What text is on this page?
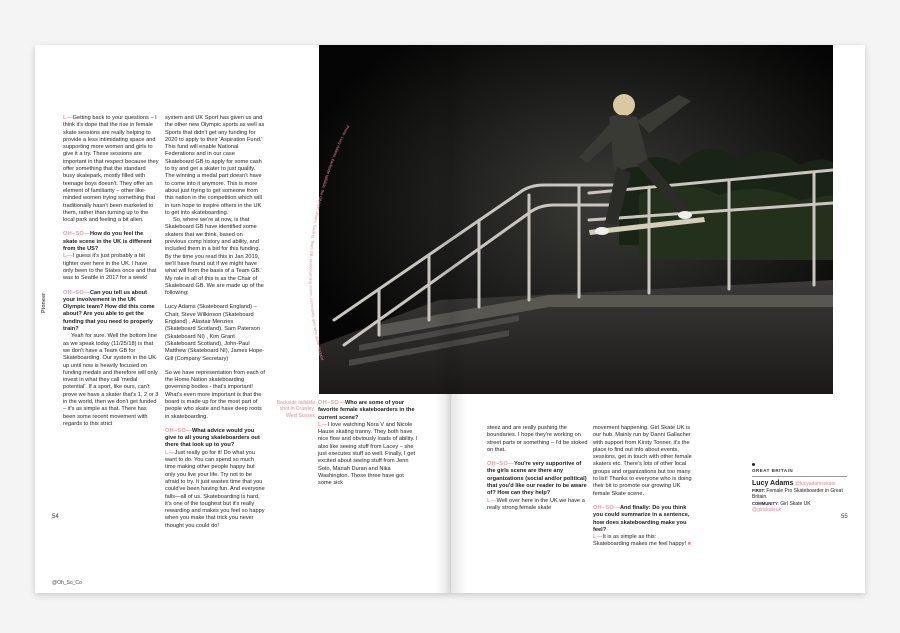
Photo: Lucy Adams, backside tailslide, the Olympic dream, funding, Team GB, skateboarding scene, community, girls who skate, support
Pioneer

L—Getting back to your questions – I think it's dope that the rise in female skate sessions are really helping to provide a less intimidating space and supporting more women and girls to give it a try. These sessions are important in that respect because they offer something that the standard busy skatepark, mostly filled with teenage boys doesn't. They offer an element of familiarity – other like-minded women trying something that traditionally hasn't been marketed to them, rather than turning up to the local park and feeling a bit alien.

OH–SO—How do you feel the skate scene in the UK is different from the US?

L—I guess it's just probably a bit tighter over here in the UK. I have only been to the States once and that was to Seattle in 2017 for a week!

OH–SO—Can you tell us about your involvement in the UK Olympic team? How did this come about? Are you able to get the funding that you need to properly train?

Yeah for sure. Well the bottom line as we speak today (11/25/18) is that we don't have a Team GB for Skateboarding. Our system in the UK up until now is heavily focused on funding medals and therefore will only invest in what they call 'medal potential'. If a sport, like ours, can't prove we have a skater that's 1, 2 or 3 in the world, then we don't get funded – it's as simple as that. There has been some recent movement with regards to this strict

system and UK Sport has given us and the other new Olympic sports as well as Sports that didn't get any funding for 2020 to apply to their 'Aspiration Fund.' This fund will enable National Federations and in our case Skateboard GB to apply for some cash to try and get a skater to just qualify. The winning a medal part doesn't have to come into it anymore. This is more about just trying to get someone from this nation in the competition which will in turn hope to inspire others in the UK to get into skateboarding.

So, where we're at now, is that Skateboard GB have identified some skaters that we think, based on previous comp history and ability, and included them in a bid for this funding. By the time you read this in Jan 2019, we'll have found out if we might have what will form the basis of a Team GB. My role in all of this is as the Chair of Skateboard GB. We are made up of the following:

Lucy Adams (Skateboard England) – Chair, Steve Wilkinson (Skateboard England) , Alastair Menzies (Skateboard Scotland), Sam Paterson (Skateboard NI) , Kim Grant (Skateboard Scotland), John-Paul Matthew (Skateboard NI), James Hope-Gill (Company Secretary)

So we have representation from each of the Home Nation skateboarding governing bodies - that's important! What's even more important is that the board is made up for the most part of people who skate and have deep roots in skateboarding.

OH–SO—What advice would you give to all young skateboarders out there that look up to you?

L—Just really go for it! Do what you want to do. You can spend so much time making other people happy but only you live your life. Try not to be afraid to try. It just wastes time that you could've been having fun. And everyone falls—all of us. Skateboarding is hard, it's one of the toughest but it's really rewarding and makes you feel so happy when you make that trick you never thought you could do!

Backside tailslide shot in Crawley, West Sussex

OH–SO—Who are some of your favorite female skateboarders in the current scene?

L—I love watching Nora V and Nicole Hause skating tranny. They both have nice flow and obviously loads of ability. I also like seeing stuff from Lacey – she just executes stuff so well. Finally, I get excited about seeing stuff from Jenn Soto, Mariah Duran and Nika Washington. Those three have got some sick

54
@Oh_So_Co

steez and are really pushing the boundaries. I hope they're working on street parts or something – I'd be stoked on that.

OH–SO—You're very supportive of the girls scene are there any organizations (social and/or political) that you'd like our reader to be aware of? How can they help?

L—Well over here in the UK we have a really strong female skate

movement happening. Girl Skate UK is our hub. Mainly run by Danni Gallacher with support from Kirsty Tonner, it's the place to find out info about events, sessions, get in touch with other female skaters etc. There's lots of other local groups and organizations but too many to list! Thanks to everyone who is doing their bit to promote our growing UK female Skate scene.

OH–SO—And finally: Do you think you could summarize in a sentence, how does skateboarding make you feel?

L—It is as simple as this: Skateboarding makes me feel happy! ■

GREAT BRITAIN
Lucy Adams @lucyadamsskate
FIRST: Female Pro Skateboarder in Great Britain.
COMMUNITY: Girl Skate UK
@girlskateuk
55
